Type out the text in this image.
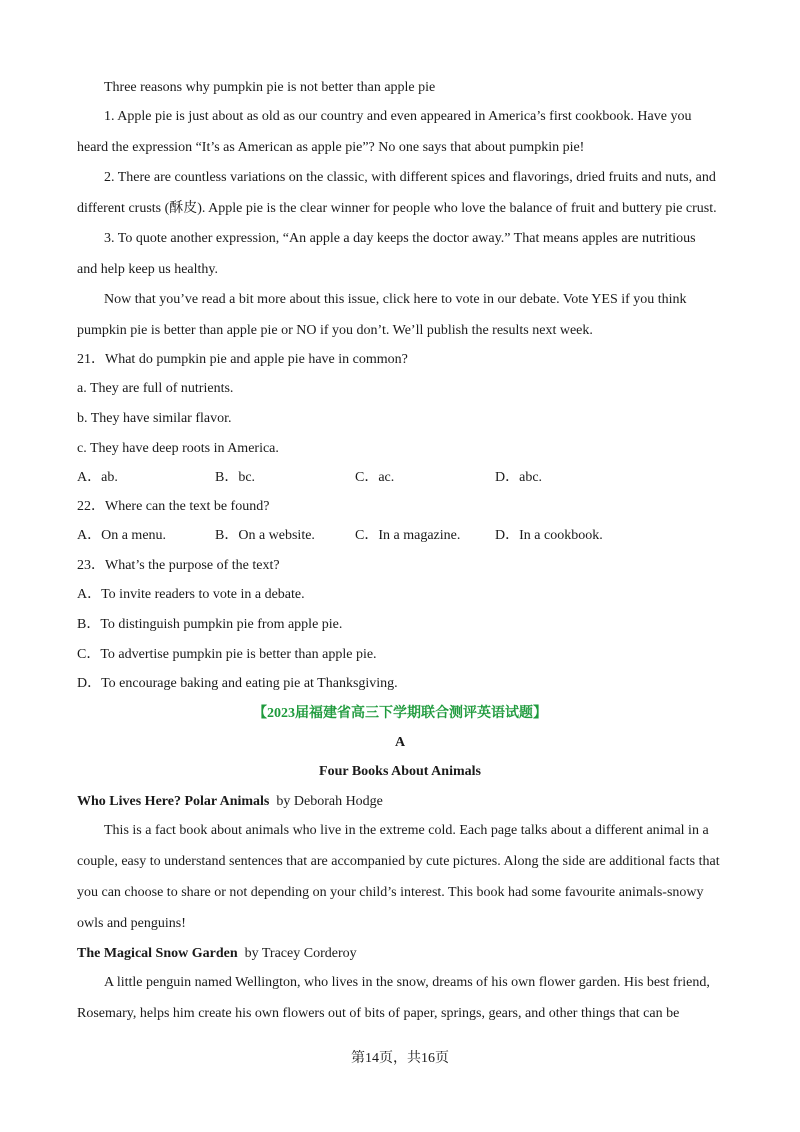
Three reasons why pumpkin pie is not better than apple pie
1. Apple pie is just about as old as our country and even appeared in America’s first cookbook. Have you
heard the expression “It’s as American as apple pie”? No one says that about pumpkin pie!
2. There are countless variations on the classic, with different spices and flavorings, dried fruits and nuts, and
different crusts (酥皮). Apple pie is the clear winner for people who love the balance of fruit and buttery pie crust.
3. To quote another expression, “An apple a day keeps the doctor away.” That means apples are nutritious
and help keep us healthy.
Now that you’ve read a bit more about this issue, click here to vote in our debate. Vote YES if you think
pumpkin pie is better than apple pie or NO if you don’t. We’ll publish the results next week.
21．What do pumpkin pie and apple pie have in common?
a. They are full of nutrients.
b. They have similar flavor.
c. They have deep roots in America.
A．ab.	B．bc.	C．ac.	D．abc.
22．Where can the text be found?
A．On a menu.	B．On a website.	C．In a magazine. D．In a cookbook.
23．What’s the purpose of the text?
A．To invite readers to vote in a debate.
B．To distinguish pumpkin pie from apple pie.
C．To advertise pumpkin pie is better than apple pie.
D．To encourage baking and eating pie at Thanksgiving.
【2023届福建省高三下学期联合测评英语试题】
A
Four Books About Animals
Who Lives Here? Polar Animals by Deborah Hodge
This is a fact book about animals who live in the extreme cold. Each page talks about a different animal in a
couple, easy to understand sentences that are accompanied by cute pictures. Along the side are additional facts that
you can choose to share or not depending on your child’s interest. This book had some favourite animals-snowy
owls and penguins!
The Magical Snow Garden by Tracey Corderoy
A little penguin named Wellington, who lives in the snow, dreams of his own flower garden. His best friend,
Rosemary, helps him create his own flowers out of bits of paper, springs, gears, and other things that can be
第14页，共16页
